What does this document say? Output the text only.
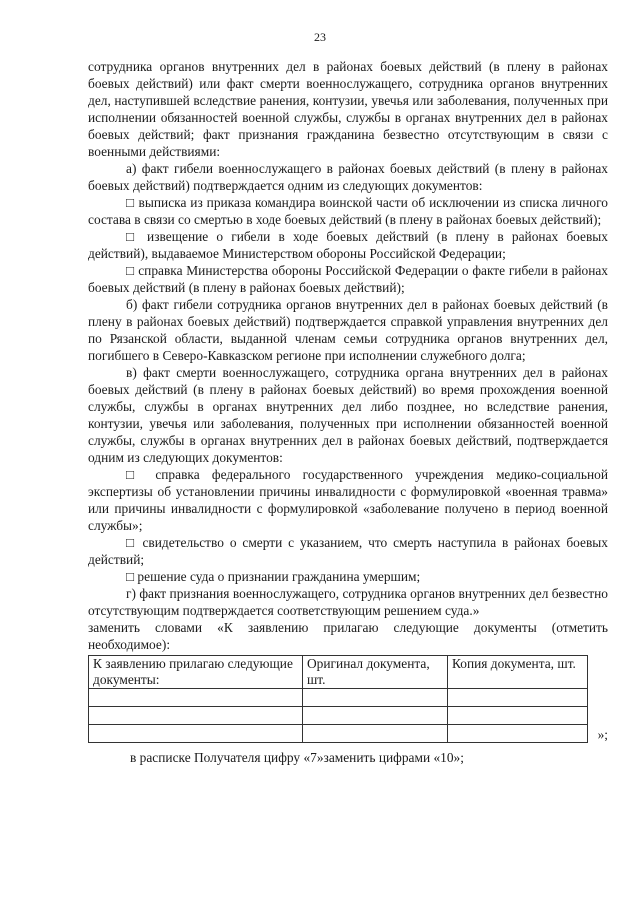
23

сотрудника органов внутренних дел в районах боевых действий (в плену в районах боевых действий) или факт смерти военнослужащего, сотрудника органов внутренних дел, наступившей вследствие ранения, контузии, увечья или заболевания, полученных при исполнении обязанностей военной службы, службы в органах внутренних дел в районах боевых действий; факт признания гражданина безвестно отсутствующим в связи с военными действиями:

а) факт гибели военнослужащего в районах боевых действий (в плену в районах боевых действий) подтверждается одним из следующих документов:

□ выписка из приказа командира воинской части об исключении из списка личного состава в связи со смертью в ходе боевых действий (в плену в районах боевых действий);

□ извещение о гибели в ходе боевых действий (в плену в районах боевых действий), выдаваемое Министерством обороны Российской Федерации;

□ справка Министерства обороны Российской Федерации о факте гибели в районах боевых действий (в плену в районах боевых действий);

б) факт гибели сотрудника органов внутренних дел в районах боевых действий (в плену в районах боевых действий) подтверждается справкой управления внутренних дел по Рязанской области, выданной членам семьи сотрудника органов внутренних дел, погибшего в Северо-Кавказском регионе при исполнении служебного долга;

в) факт смерти военнослужащего, сотрудника органа внутренних дел в районах боевых действий (в плену в районах боевых действий) во время прохождения военной службы, службы в органах внутренних дел либо позднее, но вследствие ранения, контузии, увечья или заболевания, полученных при исполнении обязанностей военной службы, службы в органах внутренних дел в районах боевых действий, подтверждается одним из следующих документов:

□ справка федерального государственного учреждения медико-социальной экспертизы об установлении причины инвалидности с формулировкой «военная травма» или причины инвалидности с формулировкой «заболевание получено в период военной службы»;

□ свидетельство о смерти с указанием, что смерть наступила в районах боевых действий;

□ решение суда о признании гражданина умершим;

г) факт признания военнослужащего, сотрудника органов внутренних дел безвестно отсутствующим подтверждается соответствующим решением суда.»

заменить словами «К заявлению прилагаю следующие документы (отметить необходимое):

К заявлению прилагаю следующие документы:	Оригинал документа, шт.	Копия документа, шт.

»;

в расписке Получателя цифру «7»заменить цифрами «10»;
